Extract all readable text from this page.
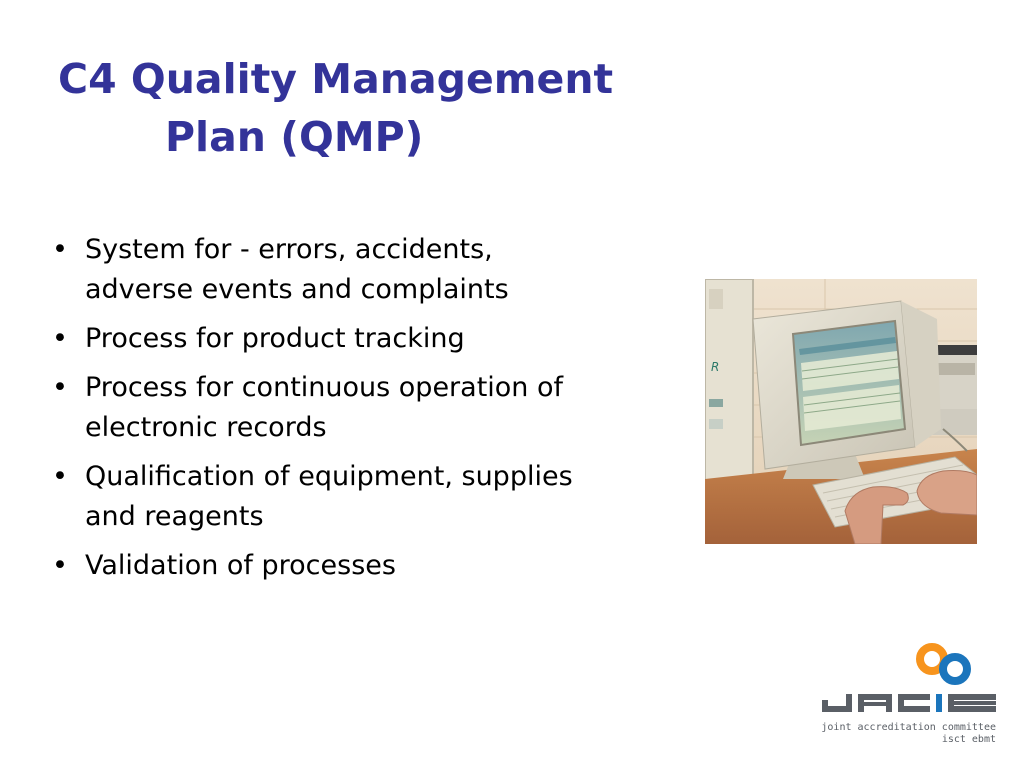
C4 Quality Management
Plan (QMP)
• System for - errors, accidents, adverse events and complaints
• Process for product tracking
• Process for continuous operation of electronic records
• Qualification of equipment, supplies and reagents
• Validation of processes
R
joint accreditation committee
isct ebmt
